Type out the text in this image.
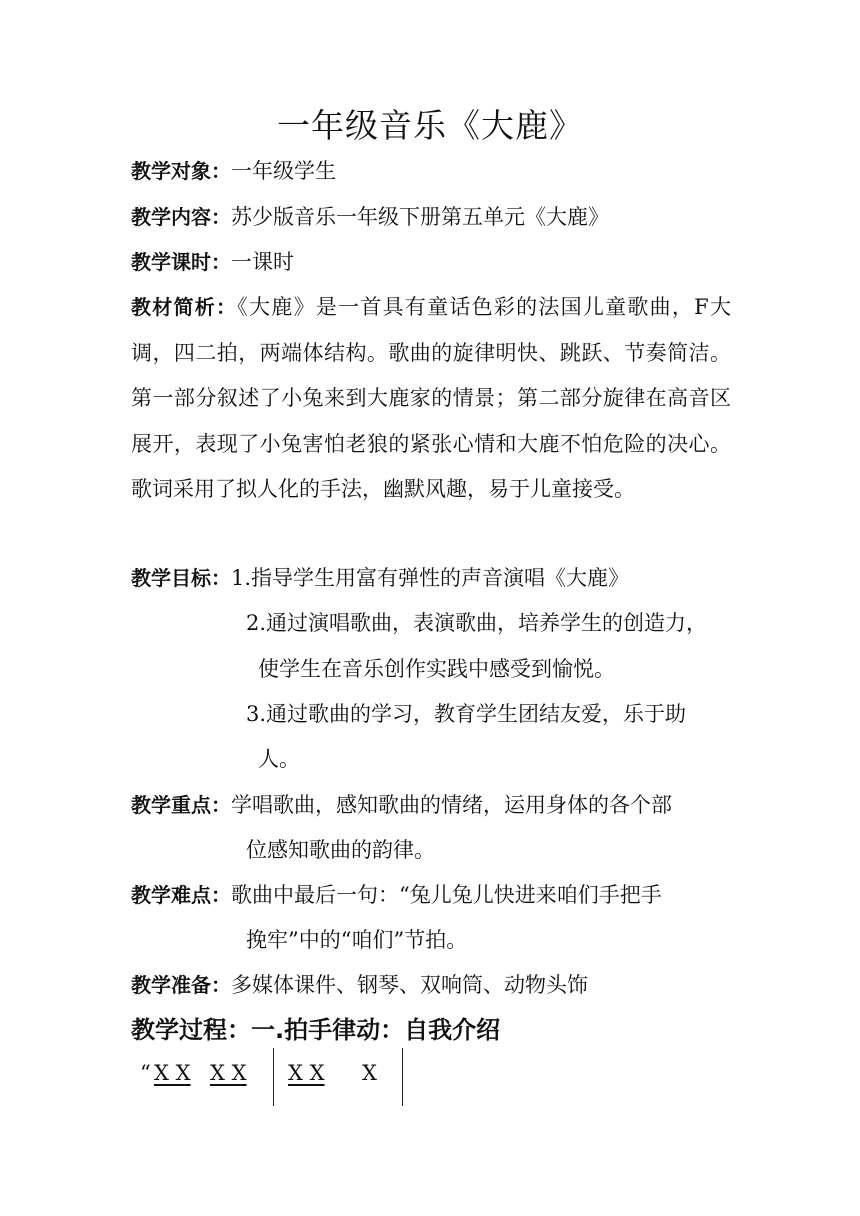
一年级音乐《大鹿》
教学对象：一年级学生
教学内容：苏少版音乐一年级下册第五单元《大鹿》
教学课时：一课时
教材简析：《大鹿》是一首具有童话色彩的法国儿童歌曲，F大调，四二拍，两端体结构。歌曲的旋律明快、跳跃、节奏简洁。第一部分叙述了小兔来到大鹿家的情景；第二部分旋律在高音区展开，表现了小兔害怕老狼的紧张心情和大鹿不怕危险的决心。歌词采用了拟人化的手法，幽默风趣，易于儿童接受。
教学目标：1.指导学生用富有弹性的声音演唱《大鹿》
2.通过演唱歌曲，表演歌曲，培养学生的创造力，
使学生在音乐创作实践中感受到愉悦。
3.通过歌曲的学习，教育学生团结友爱，乐于助
人。
教学重点：学唱歌曲，感知歌曲的情绪，运用身体的各个部
位感知歌曲的韵律。
教学难点：歌曲中最后一句：“兔儿兔儿快进来咱们手把手
挽牢”中的“咱们”节拍。
教学准备：多媒体课件、钢琴、双响筒、动物头饰
教学过程：一.拍手律动：自我介绍
“ X X X X X X X
